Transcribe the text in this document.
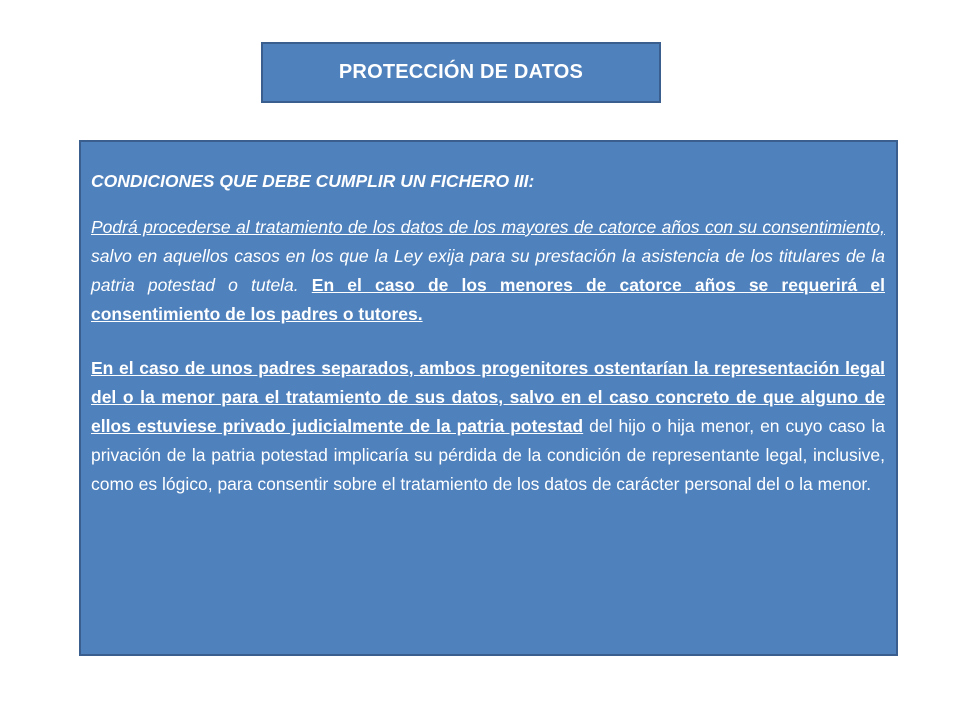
PROTECCIÓN DE DATOS
CONDICIONES QUE DEBE CUMPLIR UN FICHERO III:

Podrá procederse al tratamiento de los datos de los mayores de catorce años con su consentimiento, salvo en aquellos casos en los que la Ley exija para su prestación la asistencia de los titulares de la patria potestad o tutela. En el caso de los menores de catorce años se requerirá el consentimiento de los padres o tutores.

En el caso de unos padres separados, ambos progenitores ostentarían la representación legal del o la menor para el tratamiento de sus datos, salvo en el caso concreto de que alguno de ellos estuviese privado judicialmente de la patria potestad del hijo o hija menor, en cuyo caso la privación de la patria potestad implicaría su pérdida de la condición de representante legal, inclusive, como es lógico, para consentir sobre el tratamiento de los datos de carácter personal del o la menor.
